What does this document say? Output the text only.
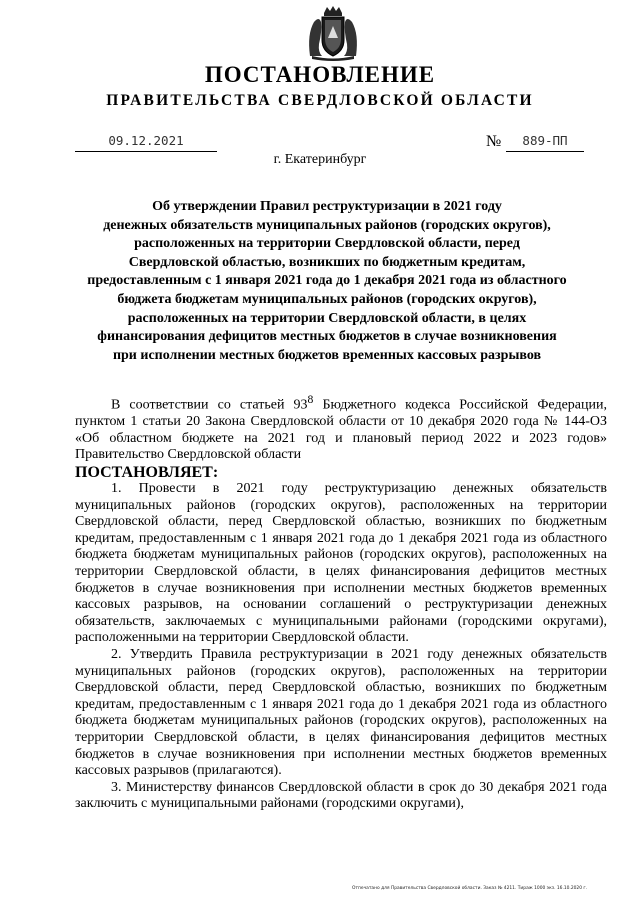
ПОСТАНОВЛЕНИЕ
ПРАВИТЕЛЬСТВА СВЕРДЛОВСКОЙ ОБЛАСТИ
09.12.2021	№	889-ПП
г. Екатеринбург
Об утверждении Правил реструктуризации в 2021 году
денежных обязательств муниципальных районов (городских округов),
расположенных на территории Свердловской области, перед
Свердловской областью, возникших по бюджетным кредитам,
предоставленным с 1 января 2021 года до 1 декабря 2021 года из областного
бюджета бюджетам муниципальных районов (городских округов),
расположенных на территории Свердловской области, в целях
финансирования дефицитов местных бюджетов в случае возникновения
при исполнении местных бюджетов временных кассовых разрывов

В соответствии со статьей $93^8$ Бюджетного кодекса Российской Федерации, пунктом 1 статьи 20 Закона Свердловской области от 10 декабря 2020 года № 144-ОЗ «Об областном бюджете на 2021 год и плановый период 2022 и 2023 годов» Правительство Свердловской области

ПОСТАНОВЛЯЕТ:

1. Провести в 2021 году реструктуризацию денежных обязательств муниципальных районов (городских округов), расположенных на территории Свердловской области, перед Свердловской областью, возникших по бюджетным кредитам, предоставленным с 1 января 2021 года до 1 декабря 2021 года из областного бюджета бюджетам муниципальных районов (городских округов), расположенных на территории Свердловской области, в целях финансирования дефицитов местных бюджетов в случае возникновения при исполнении местных бюджетов временных кассовых разрывов, на основании соглашений о реструктуризации денежных обязательств, заключаемых с муниципальными районами (городскими округами), расположенными на территории Свердловской области.

2. Утвердить Правила реструктуризации в 2021 году денежных обязательств муниципальных районов (городских округов), расположенных на территории Свердловской области, перед Свердловской областью, возникших по бюджетным кредитам, предоставленным с 1 января 2021 года до 1 декабря 2021 года из областного бюджета бюджетам муниципальных районов (городских округов), расположенных на территории Свердловской области, в целях финансирования дефицитов местных бюджетов в случае возникновения при исполнении местных бюджетов временных кассовых разрывов (прилагаются).

3. Министерству финансов Свердловской области в срок до 30 декабря 2021 года заключить с муниципальными районами (городскими округами),

Отпечатано для Правительства Свердловской области. Заказ № 4211. Тираж 1000 экз. 16.10.2020 г.
